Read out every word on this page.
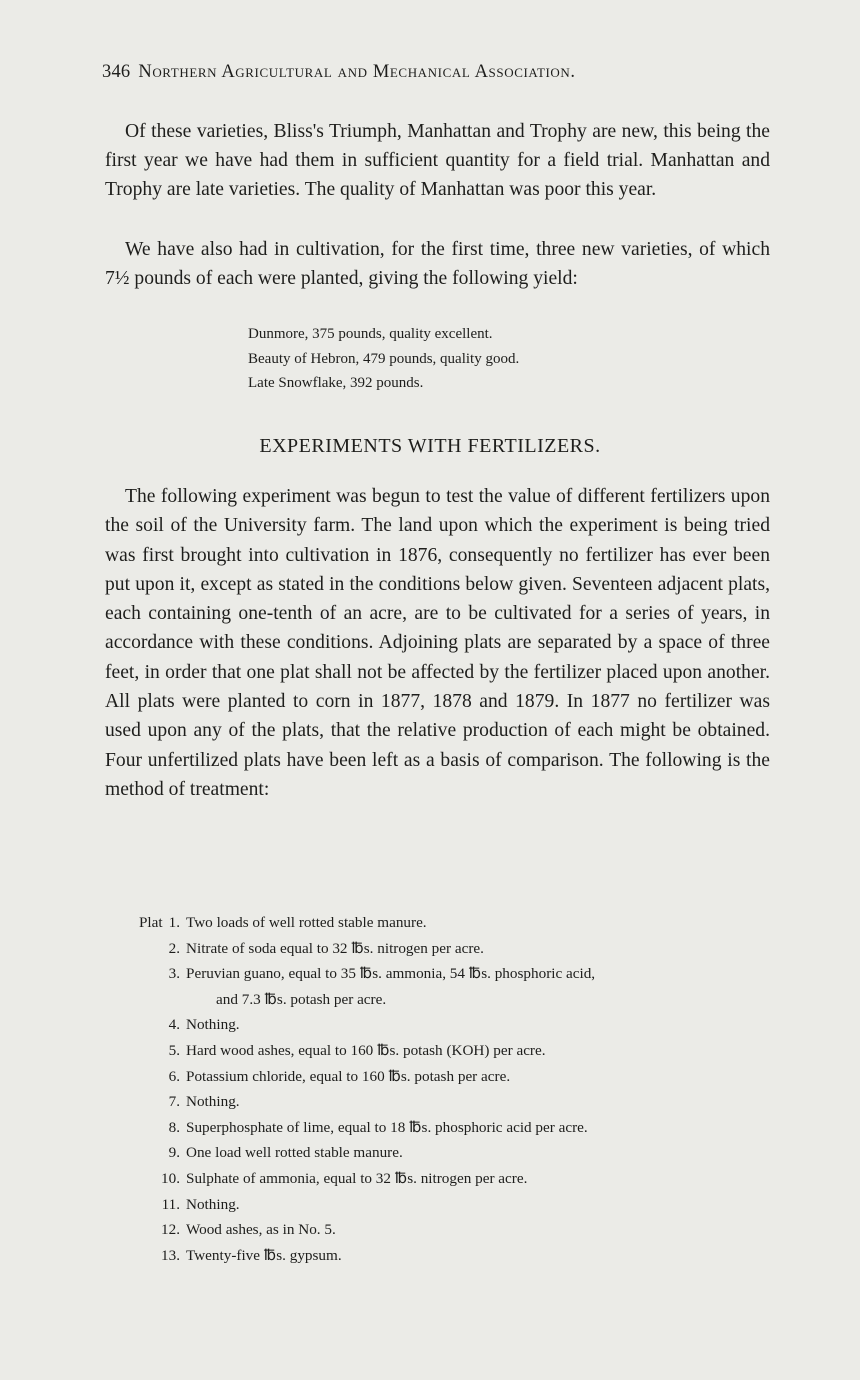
346 Northern Agricultural and Mechanical Association.

Of these varieties, Bliss's Triumph, Manhattan and Trophy are new, this being the first year we have had them in sufficient quantity for a field trial. Manhattan and Trophy are late varieties. The quality of Manhattan was poor this year.

We have also had in cultivation, for the first time, three new varieties, of which 7½ pounds of each were planted, giving the following yield:

Dunmore, 375 pounds, quality excellent.
Beauty of Hebron, 479 pounds, quality good.
Late Snowflake, 392 pounds.
EXPERIMENTS WITH FERTILIZERS.

The following experiment was begun to test the value of different fertilizers upon the soil of the University farm. The land upon which the experiment is being tried was first brought into cultivation in 1876, consequently no fertilizer has ever been put upon it, except as stated in the conditions below given. Seventeen adjacent plats, each containing one-tenth of an acre, are to be cultivated for a series of years, in accordance with these conditions. Adjoining plats are separated by a space of three feet, in order that one plat shall not be affected by the fertilizer placed upon another. All plats were planted to corn in 1877, 1878 and 1879. In 1877 no fertilizer was used upon any of the plats, that the relative production of each might be obtained. Four unfertilized plats have been left as a basis of comparison. The following is the method of treatment:

Plat 1. Two loads of well rotted stable manure.
2. Nitrate of soda equal to 32 ℔s. nitrogen per acre.
3. Peruvian guano, equal to 35 ℔s. ammonia, 54 ℔s. phosphoric acid,
and 7.3 ℔s. potash per acre.
4. Nothing.
5. Hard wood ashes, equal to 160 ℔s. potash (KOH) per acre.
6. Potassium chloride, equal to 160 ℔s. potash per acre.
7. Nothing.
8. Superphosphate of lime, equal to 18 ℔s. phosphoric acid per acre.
9. One load well rotted stable manure.
10. Sulphate of ammonia, equal to 32 ℔s. nitrogen per acre.
11. Nothing.
12. Wood ashes, as in No. 5.
13. Twenty-five ℔s. gypsum.
